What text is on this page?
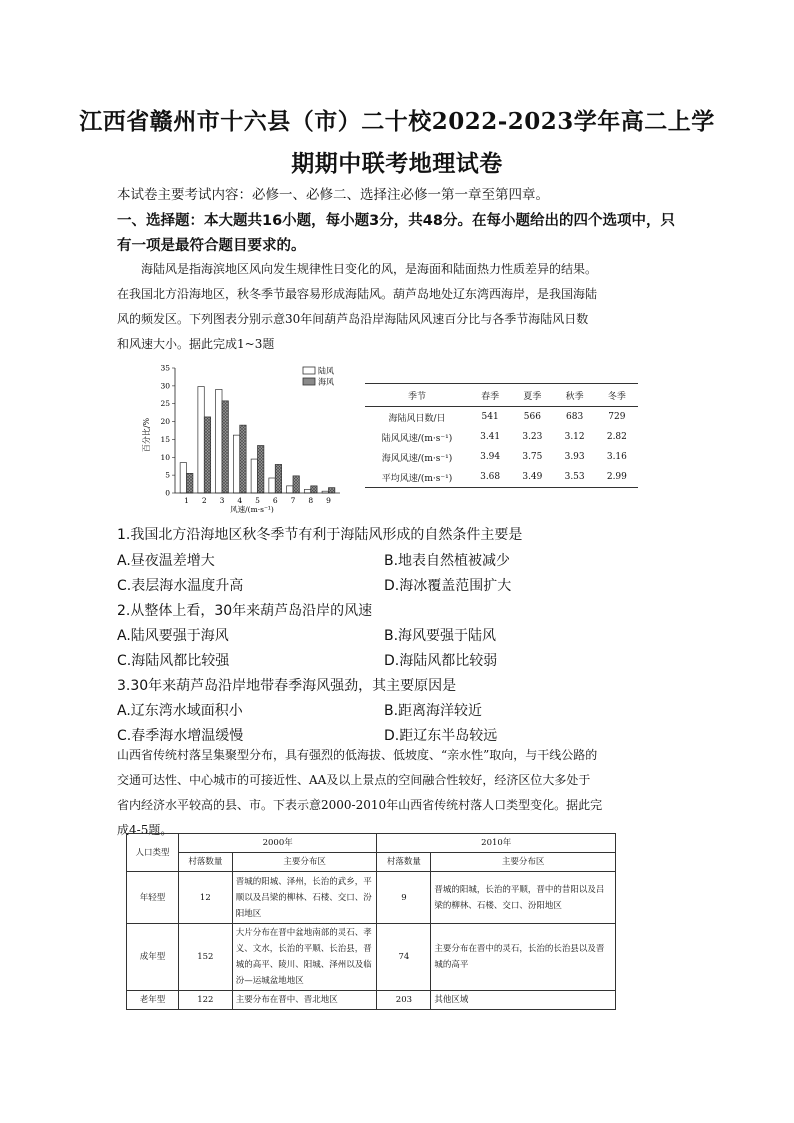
江西省赣州市十六县（市）二十校2022-2023学年高二上学
期期中联考地理试卷
本试卷主要考试内容：必修一、必修二、选择注必修一第一章至第四章。
一、选择题：本大题共16小题，每小题3分，共48分。在每小题给出的四个选项中，只
有一项是最符合题目要求的。

海陆风是指海滨地区风向发生规律性日变化的风，是海面和陆面热力性质差异的结果。

在我国北方沿海地区，秋冬季节最容易形成海陆风。葫芦岛地处辽东湾西海岸，是我国海陆

风的频发区。下列图表分别示意30年间葫芦岛沿岸海陆风风速百分比与各季节海陆风日数

和风速大小。据此完成1~3题

百分比/%
0
5
10
15
20
25
30
35
1 2 3 4 5 6 7 8 9
风速/(m·s⁻¹)
陆风
海风
季节	春季	夏季	秋季	冬季
海陆风日数/日	541	566	683	729
陆风风速/(m·s⁻¹)	3.41	3.23	3.12	2.82
海风风速/(m·s⁻¹)	3.94	3.75	3.93	3.16
平均风速/(m·s⁻¹)	3.68	3.49	3.53	2.99
1.我国北方沿海地区秋冬季节有利于海陆风形成的自然条件主要是
A.昼夜温差增大	B.地表自然植被减少
C.表层海水温度升高	D.海冰覆盖范围扩大
2.从整体上看，30年来葫芦岛沿岸的风速
A.陆风要强于海风	B.海风要强于陆风
C.海陆风都比较强	D.海陆风都比较弱
3.30年来葫芦岛沿岸地带春季海风强劲，其主要原因是
A.辽东湾水域面积小	B.距离海洋较近
C.春季海水增温缓慢	D.距辽东半岛较远

山西省传统村落呈集聚型分布，具有强烈的低海拔、低坡度、“亲水性”取向，与干线公路的

交通可达性、中心城市的可接近性、AA及以上景点的空间融合性较好，经济区位大多处于

省内经济水平较高的县、市。下表示意2000-2010年山西省传统村落人口类型变化。据此完

成4-5题。

人口类型	2000年		2010年	
	村落数量	主要分布区	村落数量	主要分布区
年轻型	12	晋城的阳城、泽州，长治的武乡，平顺以及吕梁的柳林、石楼、交口、汾阳地区	9	晋城的阳城，长治的平顺，晋中的昔阳以及吕梁的柳林、石楼、交口、汾阳地区
成年型	152	大片分布在晋中盆地南部的灵石、孝义、文水，长治的平顺、长治县，晋城的高平、陵川、阳城、泽州以及临汾—运城盆地地区	74	主要分布在晋中的灵石，长治的长治县以及晋城的高平
老年型	122	主要分布在晋中、晋北地区	203	其他区域
